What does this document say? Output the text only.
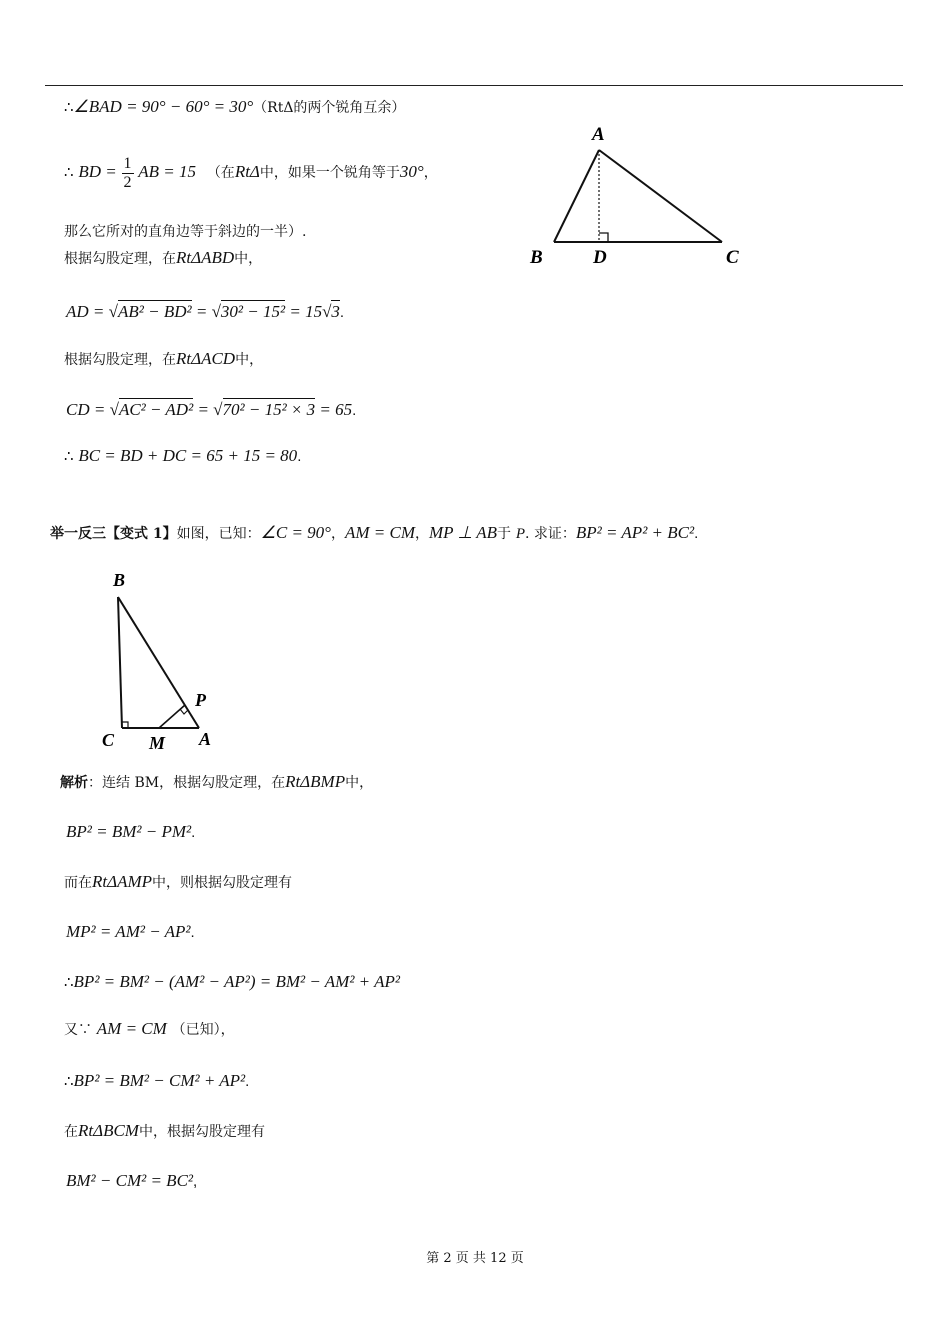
∴∠BAD = 90° − 60° = 30°（RtΔ的两个锐角互余）
∴ BD = $\frac{1}{2}$ AB = 15 （在RtΔ中，如果一个锐角等于30°，
那么它所对的直角边等于斜边的一半）.
根据勾股定理，在RtΔABD中，
AD = √AB² − BD² = √30² − 15² = 15√3.
根据勾股定理，在RtΔACD中，
CD = √AC² − AD² = √70² − 15² × 3 = 65.
∴ BC = BD + DC = 65 + 15 = 80.
A
B	D	C
举一反三【变式 1】如图，已知：∠C = 90°，AM = CM，MP ⊥ AB于 P. 求证：BP² = AP² + BC².
B
C M A
P
解析：连结 BM，根据勾股定理，在RtΔBMP中，
BP² = BM² − PM².
而在RtΔAMP中，则根据勾股定理有
MP² = AM² − AP².
∴BP² = BM² − (AM² − AP²) = BM² − AM² + AP²
又∵ AM = CM （已知），
∴BP² = BM² − CM² + AP².
在RtΔBCM中，根据勾股定理有
BM² − CM² = BC²,
第 2 页 共 12 页
